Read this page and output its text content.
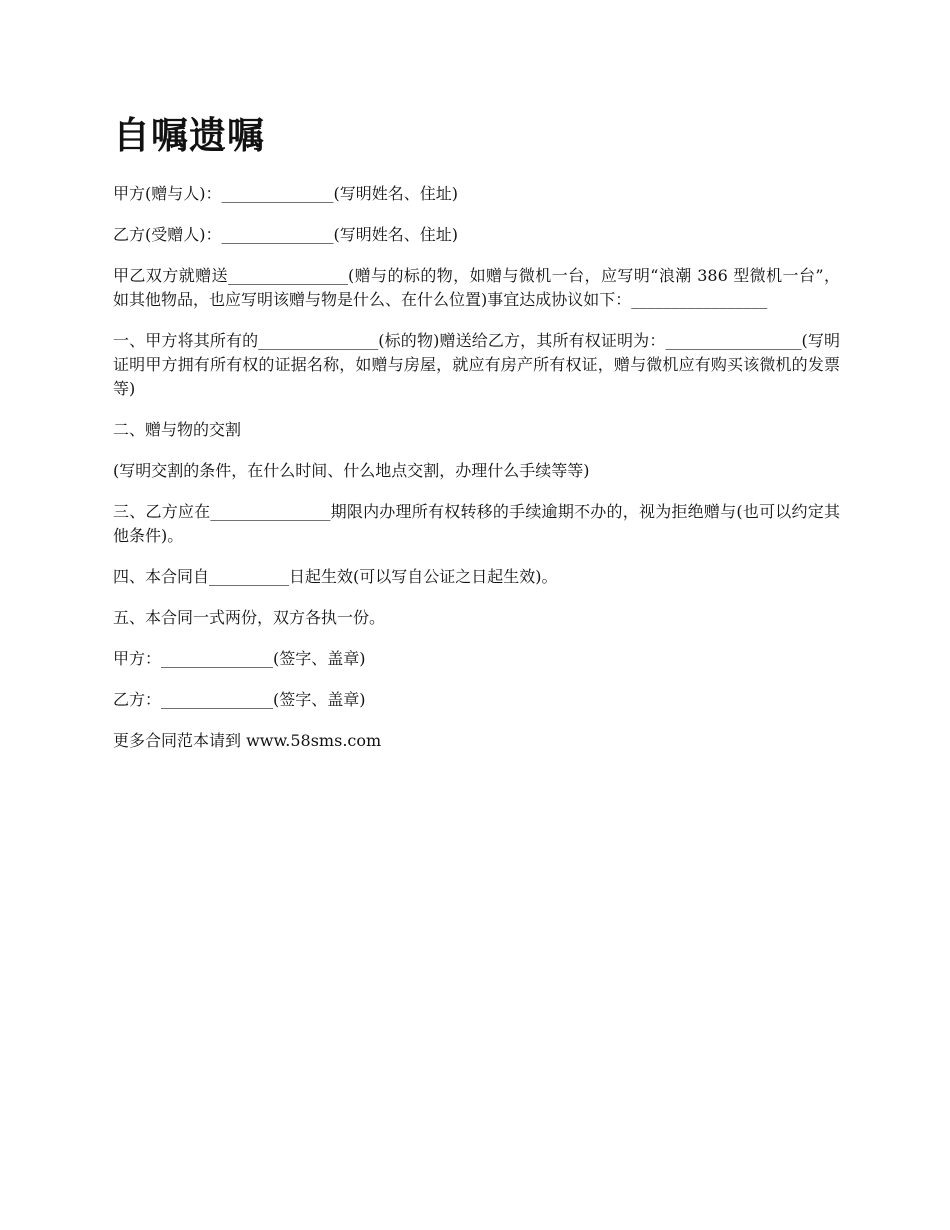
自嘱遗嘱

甲方(赠与人)：______________(写明姓名、住址)

乙方(受赠人)：______________(写明姓名、住址)

甲乙双方就赠送_______________(赠与的标的物，如赠与微机一台，应写明“浪潮 386 型微机一台”，如其他物品，也应写明该赠与物是什么、在什么位置)事宜达成协议如下：_________________

一、甲方将其所有的_______________(标的物)赠送给乙方，其所有权证明为：_________________(写明证明甲方拥有所有权的证据名称，如赠与房屋，就应有房产所有权证，赠与微机应有购买该微机的发票等)

二、赠与物的交割

(写明交割的条件，在什么时间、什么地点交割，办理什么手续等等)

三、乙方应在_______________期限内办理所有权转移的手续逾期不办的，视为拒绝赠与(也可以约定其他条件)。

四、本合同自__________日起生效(可以写自公证之日起生效)。

五、本合同一式两份，双方各执一份。

甲方：______________(签字、盖章)

乙方：______________(签字、盖章)

更多合同范本请到 www.58sms.com
